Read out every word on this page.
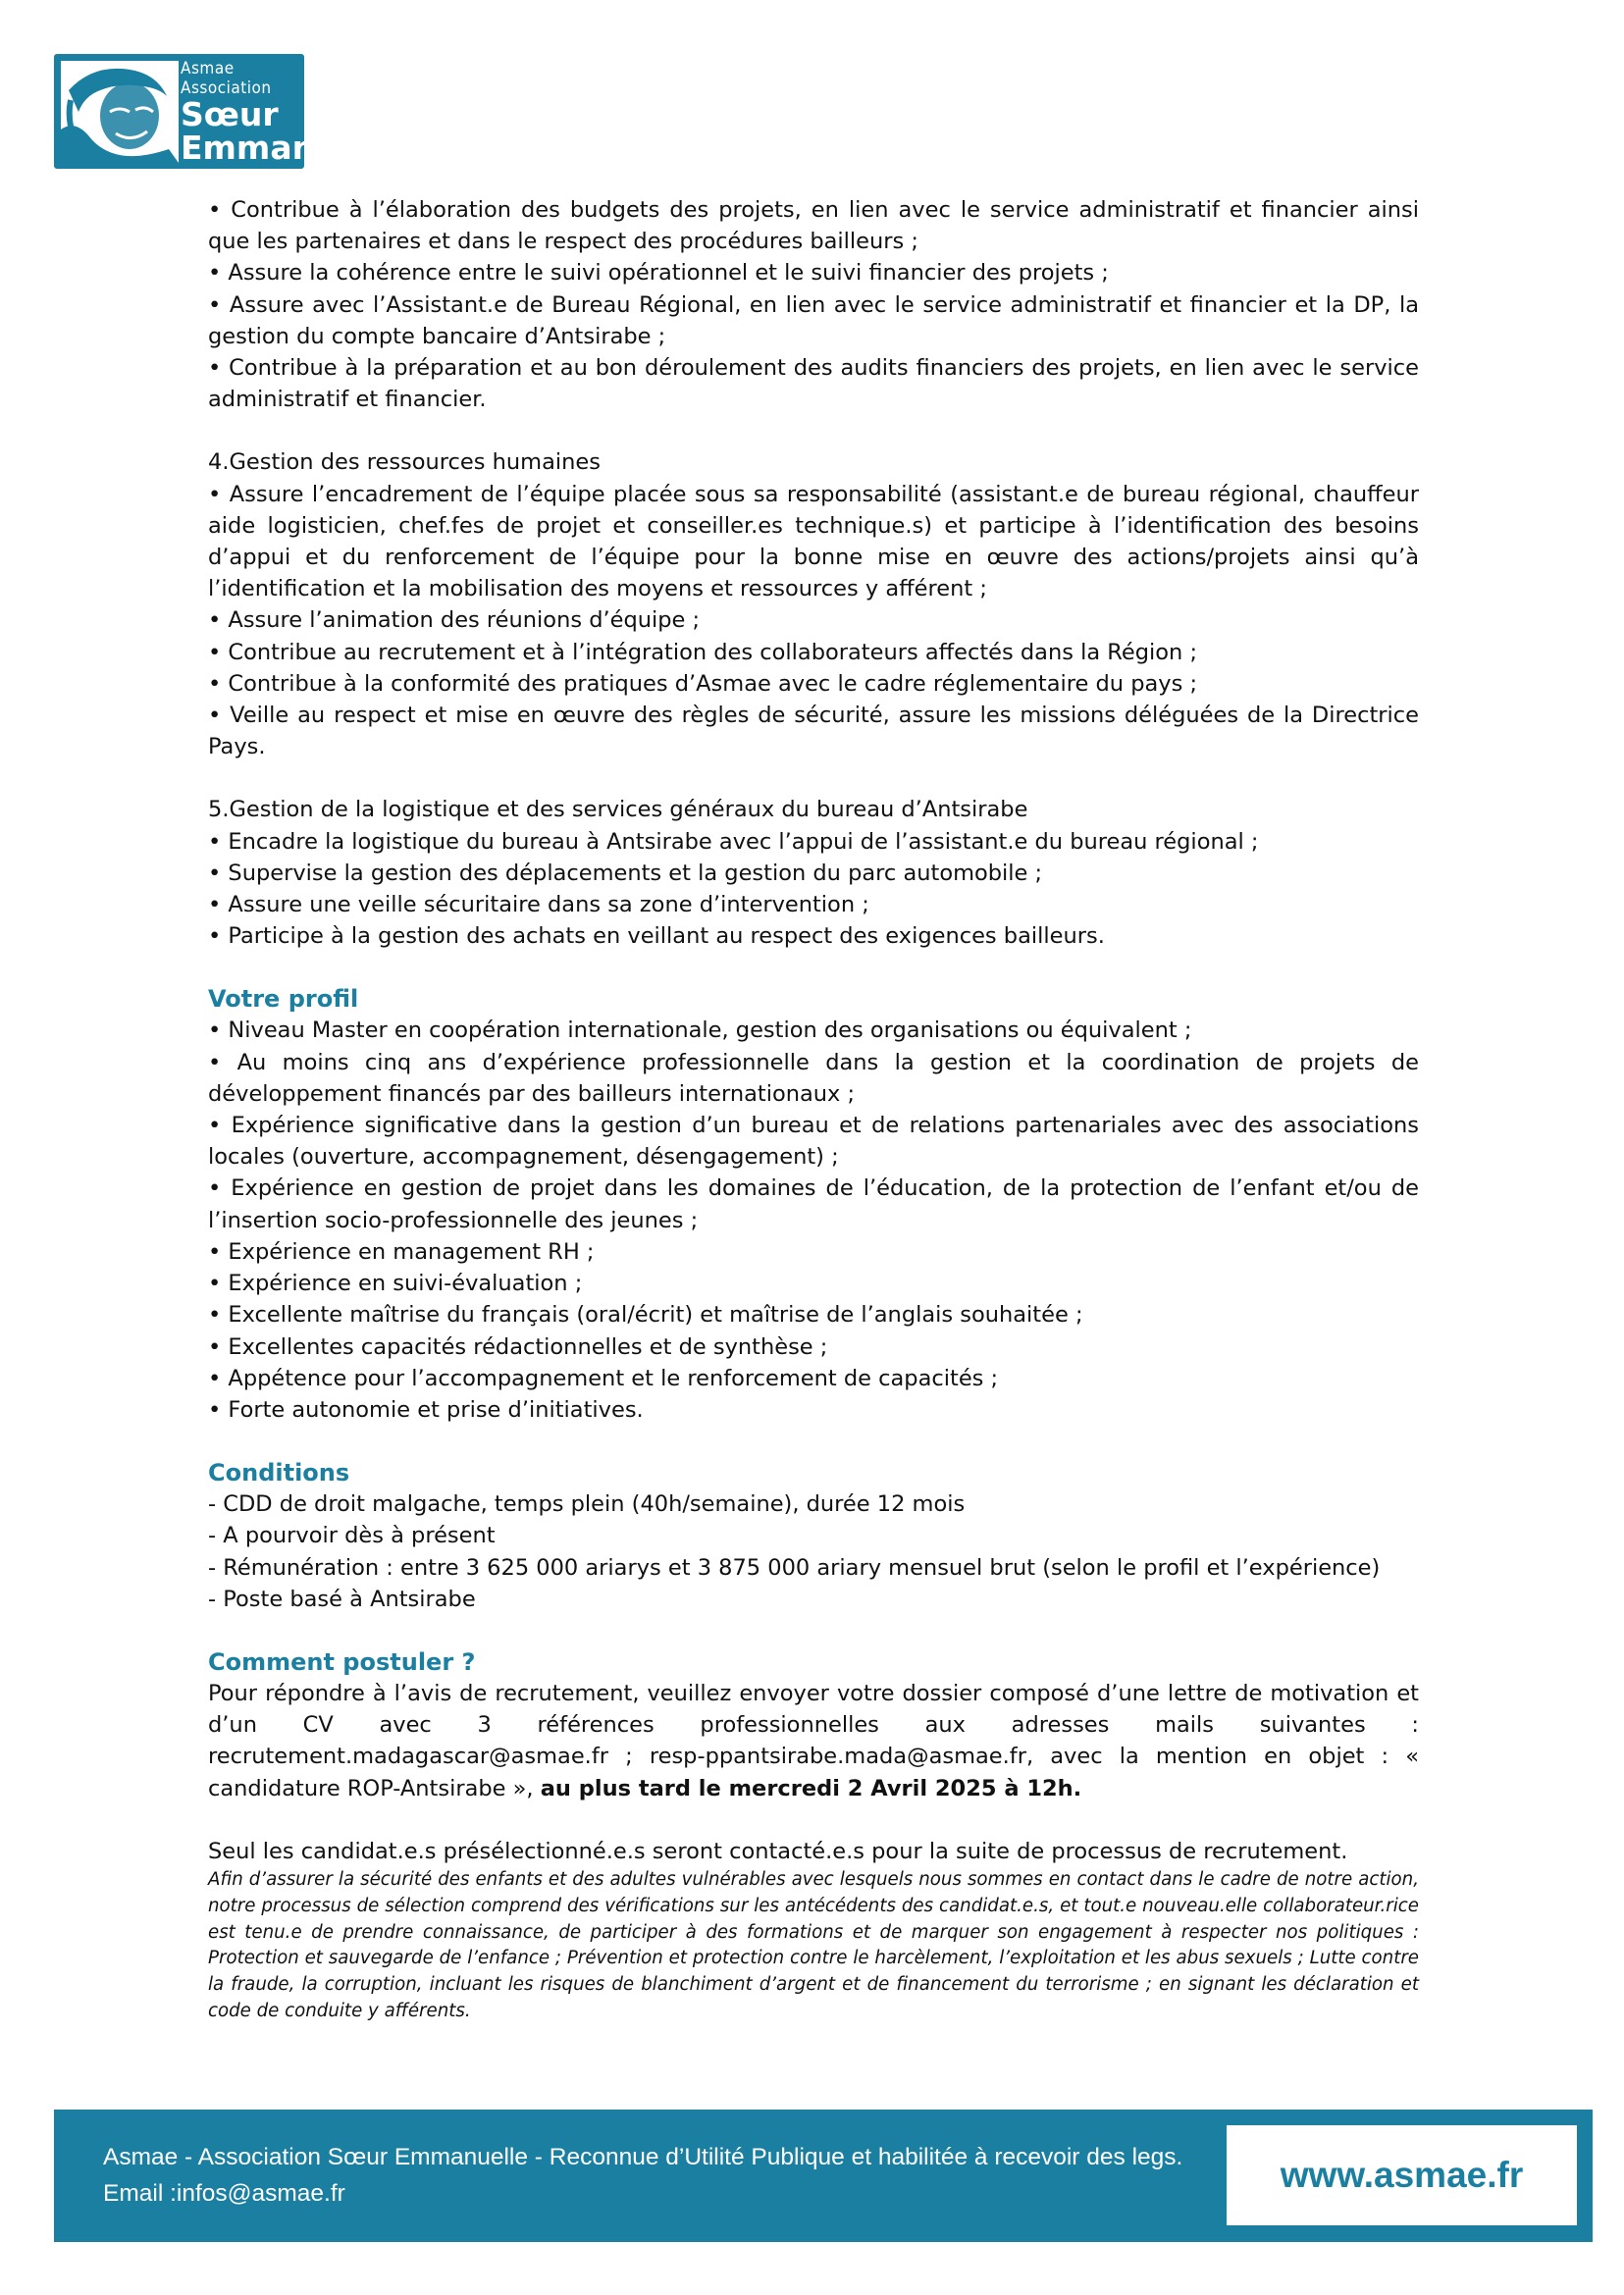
Asmae Association
Sœur
Emmanuelle

• Contribue à l’élaboration des budgets des projets, en lien avec le service administratif et financier ainsi que les partenaires et dans le respect des procédures bailleurs ;

• Assure la cohérence entre le suivi opérationnel et le suivi financier des projets ;

• Assure avec l’Assistant.e de Bureau Régional, en lien avec le service administratif et financier et la DP, la gestion du compte bancaire d’Antsirabe ;

• Contribue à la préparation et au bon déroulement des audits financiers des projets, en lien avec le service administratif et financier.

4.Gestion des ressources humaines

• Assure l’encadrement de l’équipe placée sous sa responsabilité (assistant.e de bureau régional, chauffeur aide logisticien, chef.fes de projet et conseiller.es technique.s) et participe à l’identification des besoins d’appui et du renforcement de l’équipe pour la bonne mise en œuvre des actions/projets ainsi qu’à l’identification et la mobilisation des moyens et ressources y afférent ;

• Assure l’animation des réunions d’équipe ;

• Contribue au recrutement et à l’intégration des collaborateurs affectés dans la Région ;

• Contribue à la conformité des pratiques d’Asmae avec le cadre réglementaire du pays ;

• Veille au respect et mise en œuvre des règles de sécurité, assure les missions déléguées de la Directrice Pays.

5.Gestion de la logistique et des services généraux du bureau d’Antsirabe

• Encadre la logistique du bureau à Antsirabe avec l’appui de l’assistant.e du bureau régional ;

• Supervise la gestion des déplacements et la gestion du parc automobile ;

• Assure une veille sécuritaire dans sa zone d’intervention ;

• Participe à la gestion des achats en veillant au respect des exigences bailleurs.

Votre profil

• Niveau Master en coopération internationale, gestion des organisations ou équivalent ;

• Au moins cinq ans d’expérience professionnelle dans la gestion et la coordination de projets de développement financés par des bailleurs internationaux ;

• Expérience significative dans la gestion d’un bureau et de relations partenariales avec des associations locales (ouverture, accompagnement, désengagement) ;

• Expérience en gestion de projet dans les domaines de l’éducation, de la protection de l’enfant et/ou de l’insertion socio-professionnelle des jeunes ;

• Expérience en management RH ;

• Expérience en suivi-évaluation ;

• Excellente maîtrise du français (oral/écrit) et maîtrise de l’anglais souhaitée ;

• Excellentes capacités rédactionnelles et de synthèse ;

• Appétence pour l’accompagnement et le renforcement de capacités ;

• Forte autonomie et prise d’initiatives.

Conditions

- CDD de droit malgache, temps plein (40h/semaine), durée 12 mois

- A pourvoir dès à présent

- Rémunération : entre 3 625 000 ariarys et 3 875 000 ariary mensuel brut (selon le profil et l’expérience)

- Poste basé à Antsirabe

Comment postuler ?

Pour répondre à l’avis de recrutement, veuillez envoyer votre dossier composé d’une lettre de motivation et d’un CV avec 3 références professionnelles aux adresses mails suivantes : recrutement.madagascar@asmae.fr ; resp-ppantsirabe.mada@asmae.fr, avec la mention en objet : « candidature ROP-Antsirabe », au plus tard le mercredi 2 Avril 2025 à 12h.

Seul les candidat.e.s présélectionné.e.s seront contacté.e.s pour la suite de processus de recrutement.

Afin d’assurer la sécurité des enfants et des adultes vulnérables avec lesquels nous sommes en contact dans le cadre de notre action, notre processus de sélection comprend des vérifications sur les antécédents des candidat.e.s, et tout.e nouveau.elle collaborateur.rice est tenu.e de prendre connaissance, de participer à des formations et de marquer son engagement à respecter nos politiques : Protection et sauvegarde de l’enfance ; Prévention et protection contre le harcèlement, l’exploitation et les abus sexuels ; Lutte contre la fraude, la corruption, incluant les risques de blanchiment d’argent et de financement du terrorisme ; en signant les déclaration et code de conduite y afférents.

Asmae - Association Sœur Emmanuelle - Reconnue d’Utilité Publique et habilitée à recevoir des legs.
Email :infos@asmae.fr	www.asmae.fr
